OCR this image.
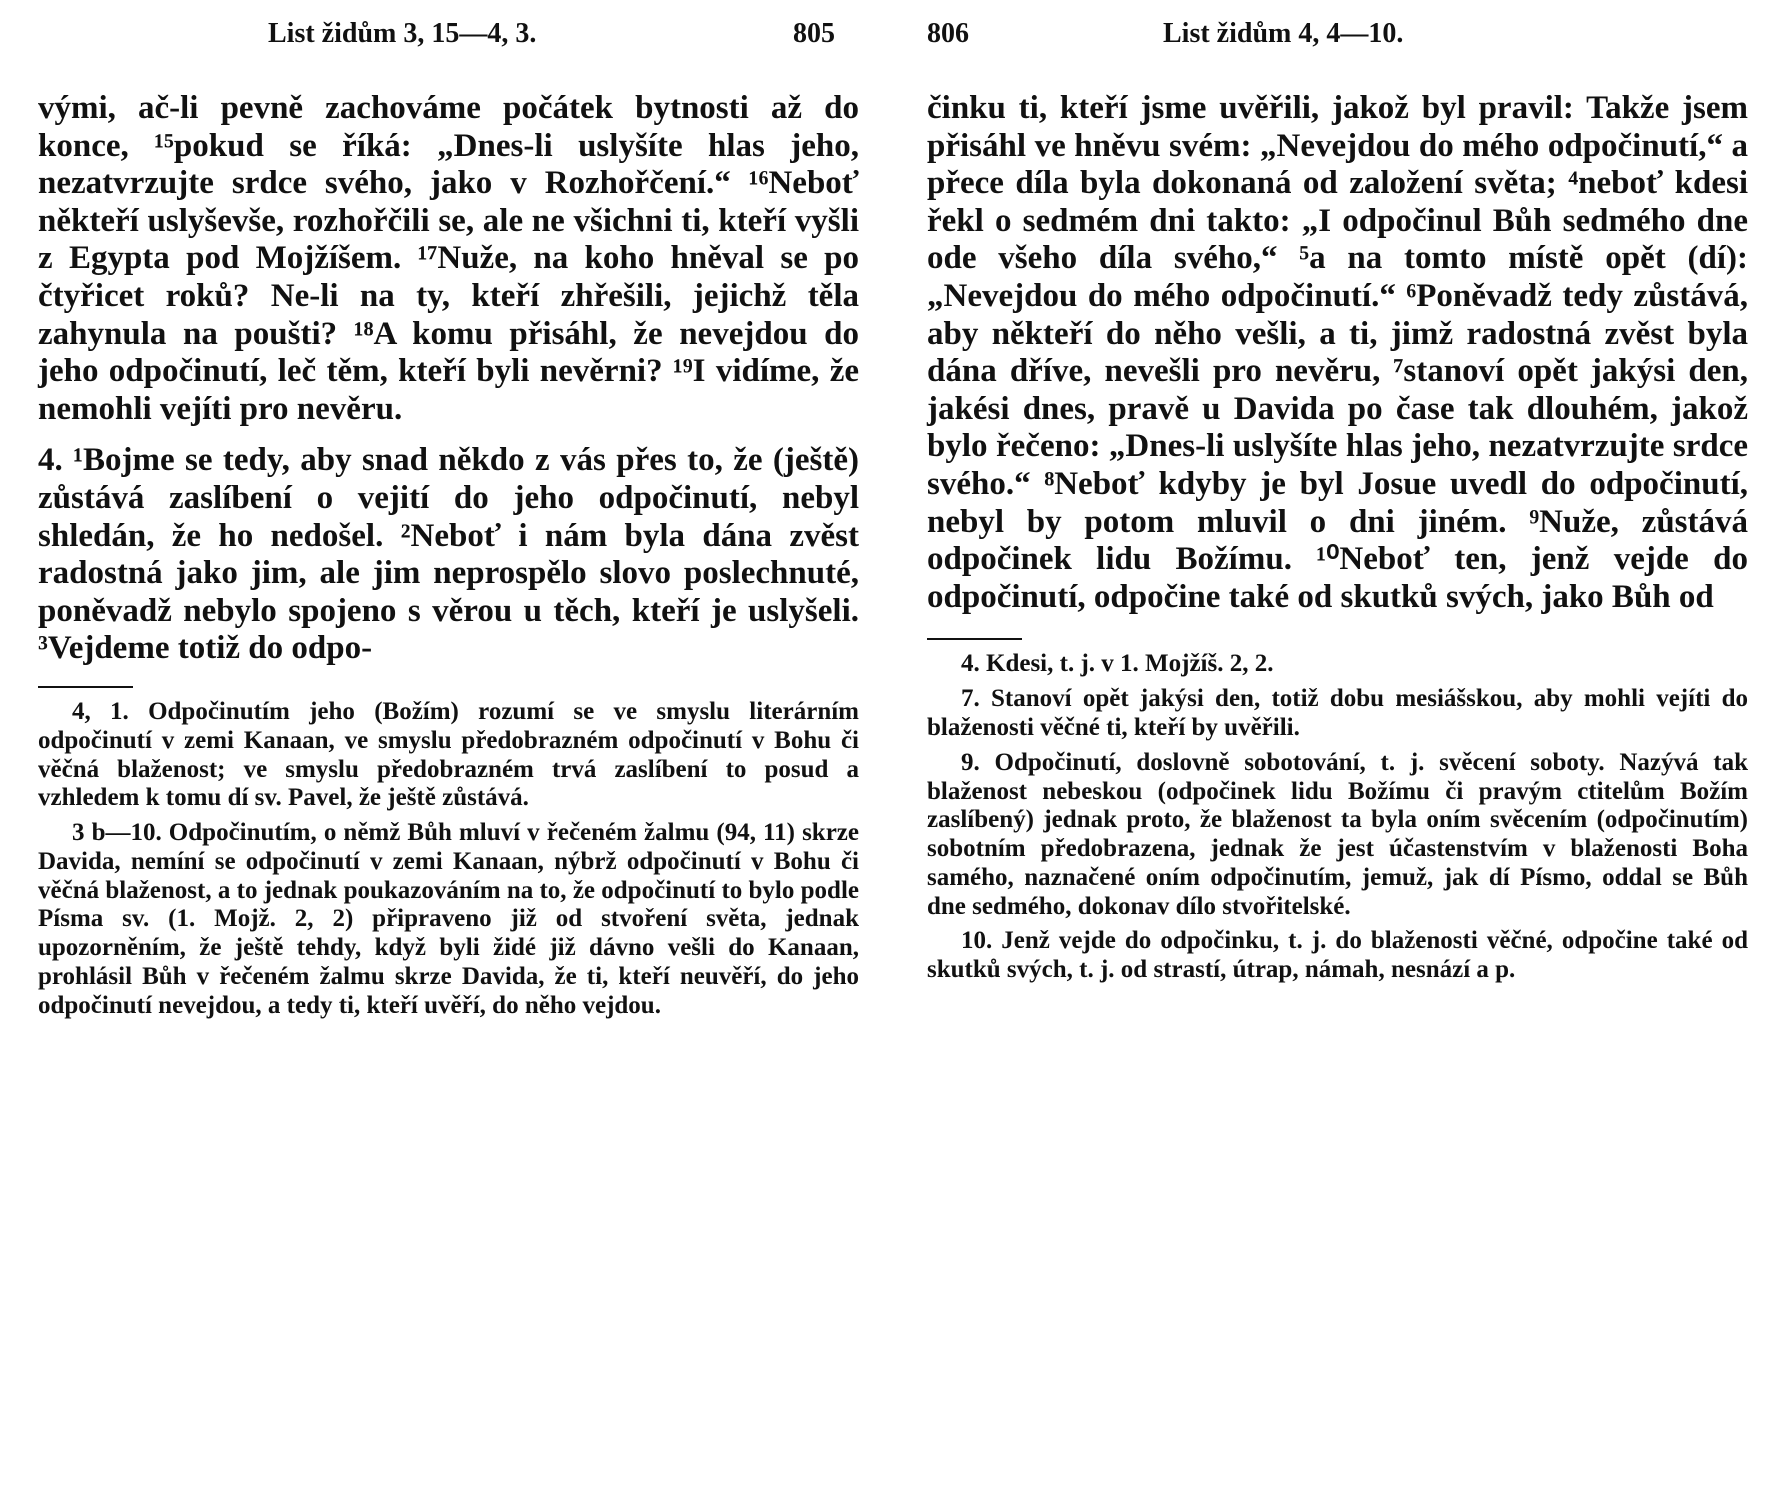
List židům 3, 15—4, 3.	805

vými, ač-li pevně zachováme počátek bytnosti až do konce, ¹⁵pokud se říká: „Dnes-li uslyšíte hlas jeho, nezatvrzujte srdce svého, jako v Rozhořčení.“ ¹⁶Neboť někteří uslyševše, rozhořčili se, ale ne všichni ti, kteří vyšli z Egypta pod Mojžíšem. ¹⁷Nuže, na koho hněval se po čtyřicet roků? Ne-li na ty, kteří zhřešili, jejichž těla zahynula na poušti? ¹⁸A komu přisáhl, že nevejdou do jeho odpočinutí, leč těm, kteří byli nevěrni? ¹⁹I vidíme, že nemohli vejíti pro nevěru.

4. ¹Bojme se tedy, aby snad někdo z vás přes to, že (ještě) zůstává zaslíbení o vejití do jeho odpočinutí, nebyl shledán, že ho nedošel. ²Neboť i nám byla dána zvěst radostná jako jim, ale jim neprospělo slovo poslechnuté, poněvadž nebylo spojeno s věrou u těch, kteří je uslyšeli. ³Vejdeme totiž do odpo-

4, 1. Odpočinutím jeho (Božím) rozumí se ve smyslu literárním odpočinutí v zemi Kanaan, ve smyslu předobrazném odpočinutí v Bohu či věčná blaženost; ve smyslu předobrazném trvá zaslíbení to posud a vzhledem k tomu dí sv. Pavel, že ještě zůstává.

3 b—10. Odpočinutím, o němž Bůh mluví v řečeném žalmu (94, 11) skrze Davida, nemíní se odpočinutí v zemi Kanaan, nýbrž odpočinutí v Bohu či věčná blaženost, a to jednak poukazováním na to, že odpočinutí to bylo podle Písma sv. (1. Mojž. 2, 2) připraveno již od stvoření světa, jednak upozorněním, že ještě tehdy, když byli židé již dávno vešli do Kanaan, prohlásil Bůh v řečeném žalmu skrze Davida, že ti, kteří neuvěří, do jeho odpočinutí nevejdou, a tedy ti, kteří uvěří, do něho vejdou.

806	List židům 4, 4—10.

činku ti, kteří jsme uvěřili, jakož byl pravil: Takže jsem přisáhl ve hněvu svém: „Nevejdou do mého odpočinutí,“ a přece díla byla dokonaná od založení světa; ⁴neboť kdesi řekl o sedmém dni takto: „I odpočinul Bůh sedmého dne ode všeho díla svého,“ ⁵a na tomto místě opět (dí): „Nevejdou do mého odpočinutí.“ ⁶Poněvadž tedy zůstává, aby někteří do něho vešli, a ti, jimž radostná zvěst byla dána dříve, nevešli pro nevěru, ⁷stanoví opět jakýsi den, jakési dnes, pravě u Davida po čase tak dlouhém, jakož bylo řečeno: „Dnes-li uslyšíte hlas jeho, nezatvrzujte srdce svého.“ ⁸Neboť kdyby je byl Josue uvedl do odpočinutí, nebyl by potom mluvil o dni jiném. ⁹Nuže, zůstává odpočinek lidu Božímu. ¹⁰Neboť ten, jenž vejde do odpočinutí, odpočine také od skutků svých, jako Bůh od

4. Kdesi, t. j. v 1. Mojžíš. 2, 2.

7. Stanoví opět jakýsi den, totiž dobu mesiášskou, aby mohli vejíti do blaženosti věčné ti, kteří by uvěřili.

9. Odpočinutí, doslovně sobotování, t. j. svěcení soboty. Nazývá tak blaženost nebeskou (odpočinek lidu Božímu či pravým ctitelům Božím zaslíbený) jednak proto, že blaženost ta byla oním svěcením (odpočinutím) sobotním předobrazena, jednak že jest účastenstvím v blaženosti Boha samého, naznačené oním odpočinutím, jemuž, jak dí Písmo, oddal se Bůh dne sedmého, dokonav dílo stvořitelské.

10. Jenž vejde do odpočinku, t. j. do blaženosti věčné, odpočine také od skutků svých, t. j. od strastí, útrap, námah, nesnází a p.
